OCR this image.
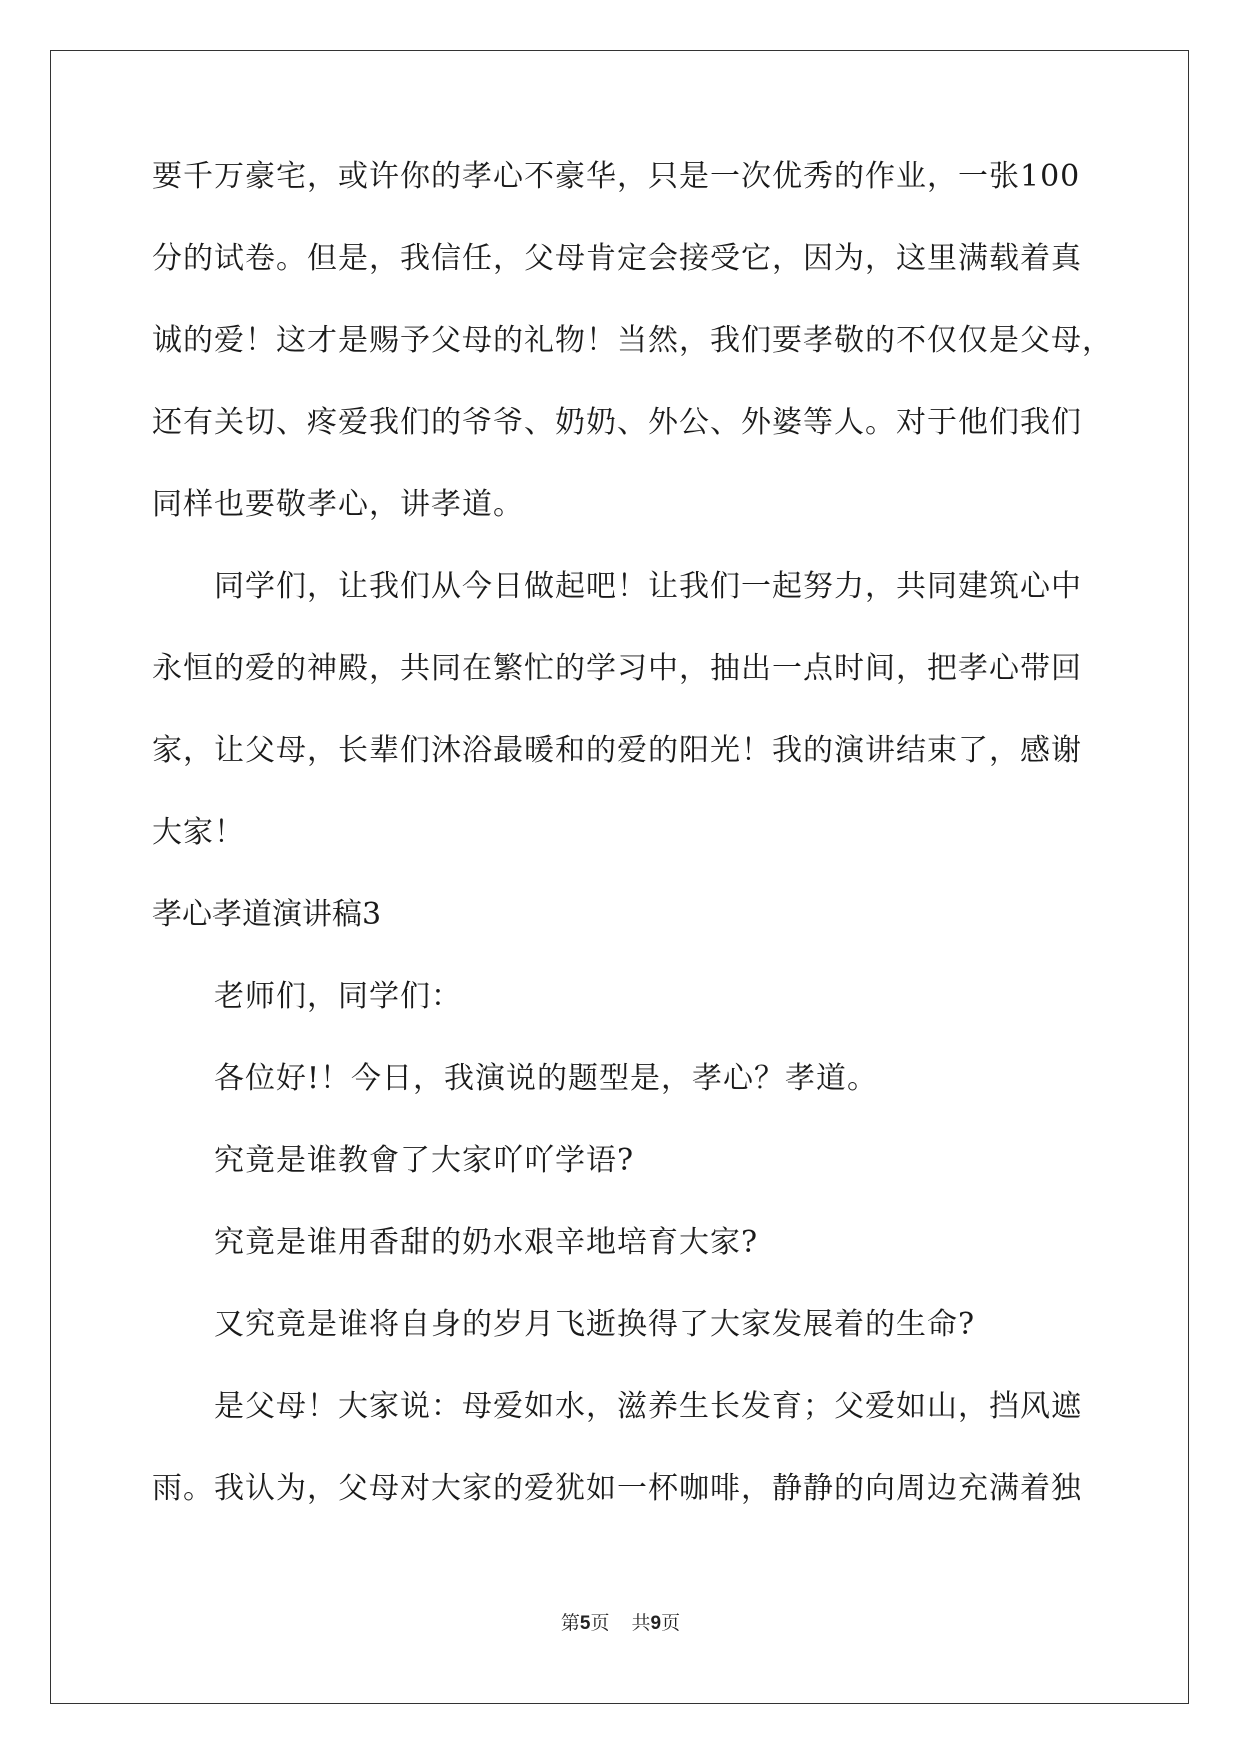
要千万豪宅，或许你的孝心不豪华，只是一次优秀的作业，一张100
分的试卷。但是，我信任，父母肯定会接受它，因为，这里满载着真
诚的爱！这才是赐予父母的礼物！当然，我们要孝敬的不仅仅是父母，
还有关切、疼爱我们的爷爷、奶奶、外公、外婆等人。对于他们我们
同样也要敬孝心，讲孝道。
同学们，让我们从今日做起吧！让我们一起努力，共同建筑心中
永恒的爱的神殿，共同在繁忙的学习中，抽出一点时间，把孝心带回
家，让父母，长辈们沐浴最暖和的爱的阳光！我的演讲结束了，感谢
大家！
孝心孝道演讲稿3
老师们，同学们：
各位好!！今日，我演说的题型是，孝心？孝道。
究竟是谁教會了大家吖吖学语?
究竟是谁用香甜的奶水艰辛地培育大家?
又究竟是谁将自身的岁月飞逝换得了大家发展着的生命?
是父母！大家说：母爱如水，滋养生长发育；父爱如山，挡风遮
雨。我认为，父母对大家的爱犹如一杯咖啡，静静的向周边充满着独
第5页 共9页
